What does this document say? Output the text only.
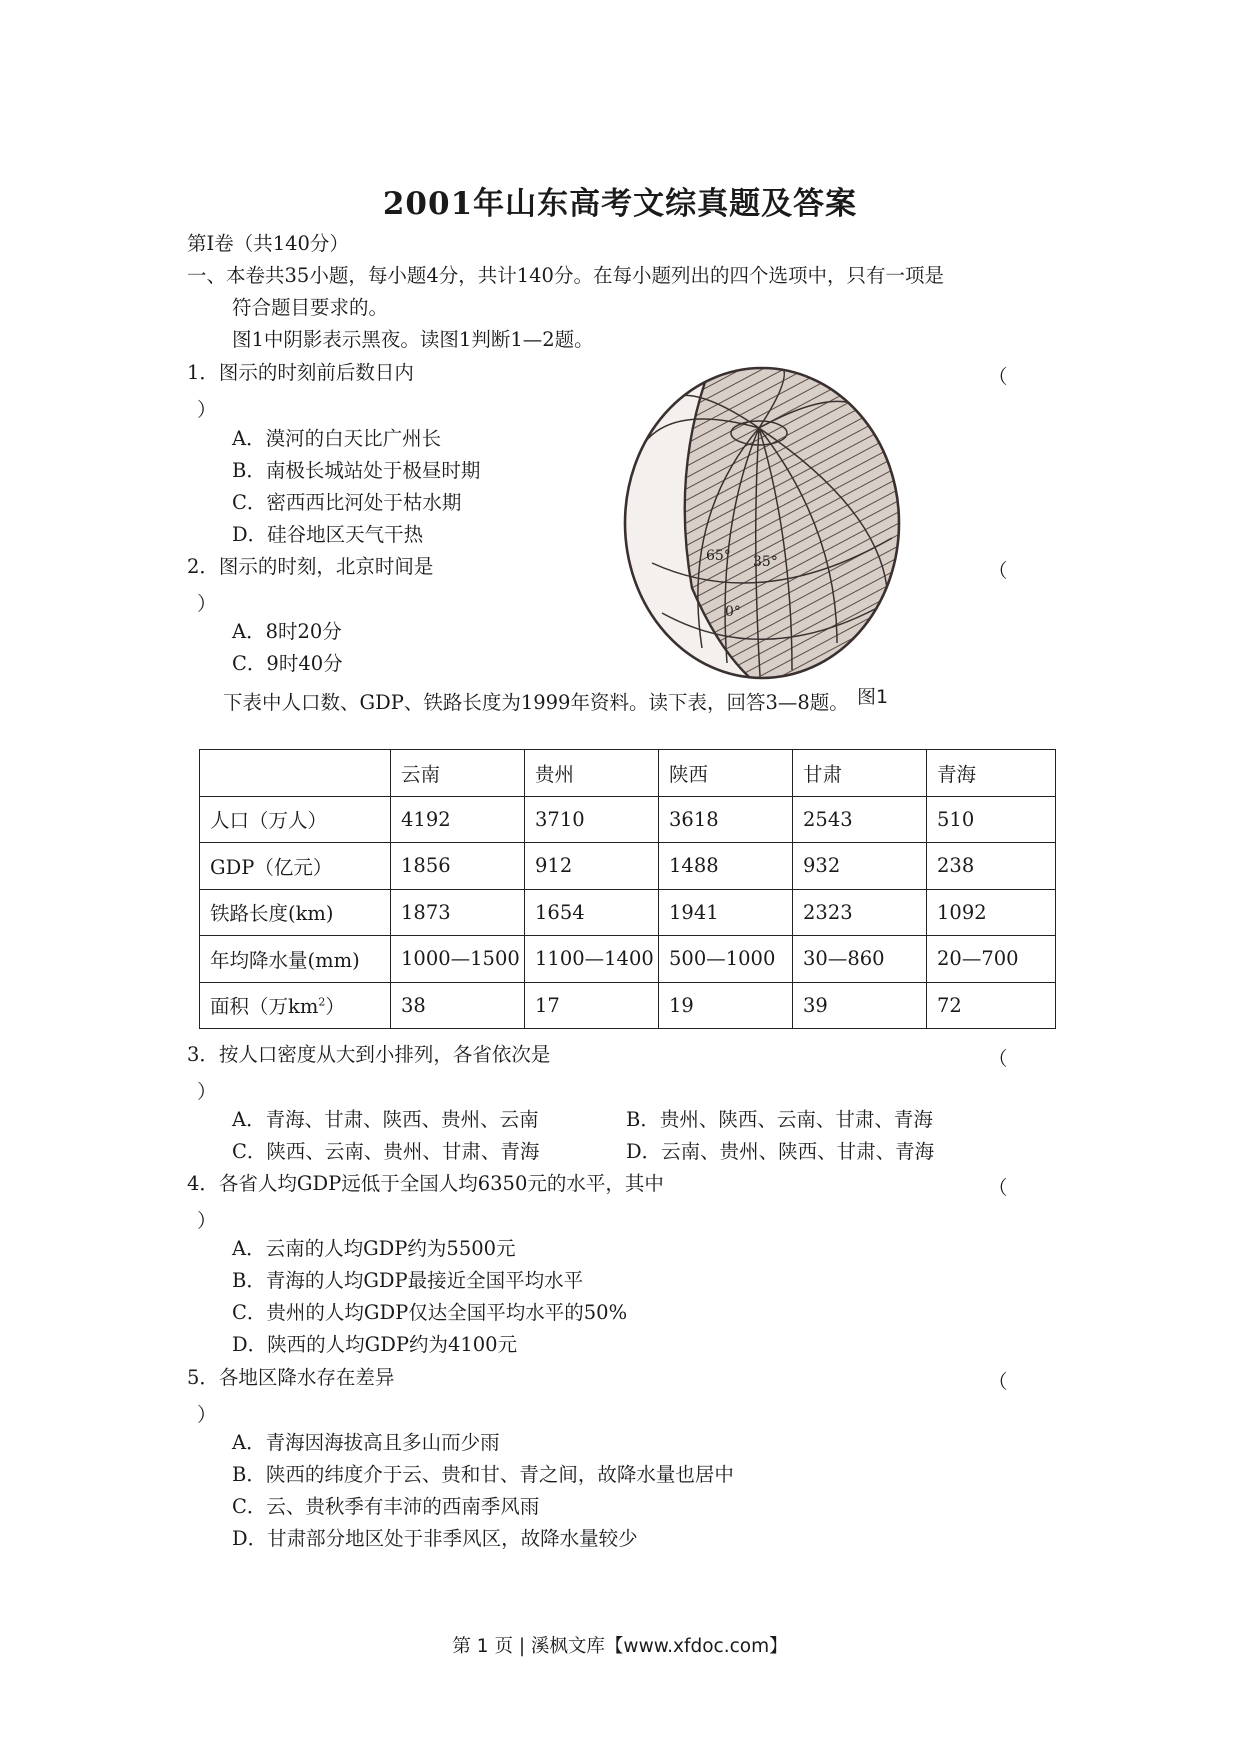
2001年山东高考文综真题及答案
第Ⅰ卷（共140分）
一、本卷共35小题，每小题4分，共计140分。在每小题列出的四个选项中，只有一项是
符合题目要求的。
图1中阴影表示黑夜。读图1判断1—2题。
1．图示的时刻前后数日内	（
）
A．漠河的白天比广州长
B．南极长城站处于极昼时期
C．密西西比河处于枯水期
D．硅谷地区天气干热
2．图示的时刻，北京时间是	（
）
A．8时20分
C．9时40分
65° 35°
0°
图1
下表中人口数、GDP、铁路长度为1999年资料。读下表，回答3—8题。
	云南	贵州	陕西	甘肃	青海
人口（万人）	4192	3710	3618	2543	510
GDP（亿元）	1856	912	1488	932	238
铁路长度(km)	1873	1654	1941	2323	1092
年均降水量(mm)	1000—1500	1100—1400	500—1000	30—860	20—700
面积（万$km^2$）	38	17	19	39	72
3．按人口密度从大到小排列，各省依次是	（
）
A．青海、甘肃、陕西、贵州、云南	B．贵州、陕西、云南、甘肃、青海
C．陕西、云南、贵州、甘肃、青海	D．云南、贵州、陕西、甘肃、青海
4．各省人均GDP远低于全国人均6350元的水平，其中	（
）
A．云南的人均GDP约为5500元
B．青海的人均GDP最接近全国平均水平
C．贵州的人均GDP仅达全国平均水平的50%
D．陕西的人均GDP约为4100元
5．各地区降水存在差异	（
）
A．青海因海拔高且多山而少雨
B．陕西的纬度介于云、贵和甘、青之间，故降水量也居中
C．云、贵秋季有丰沛的西南季风雨
D．甘肃部分地区处于非季风区，故降水量较少
第 1 页 | 溪枫文库【www.xfdoc.com】
